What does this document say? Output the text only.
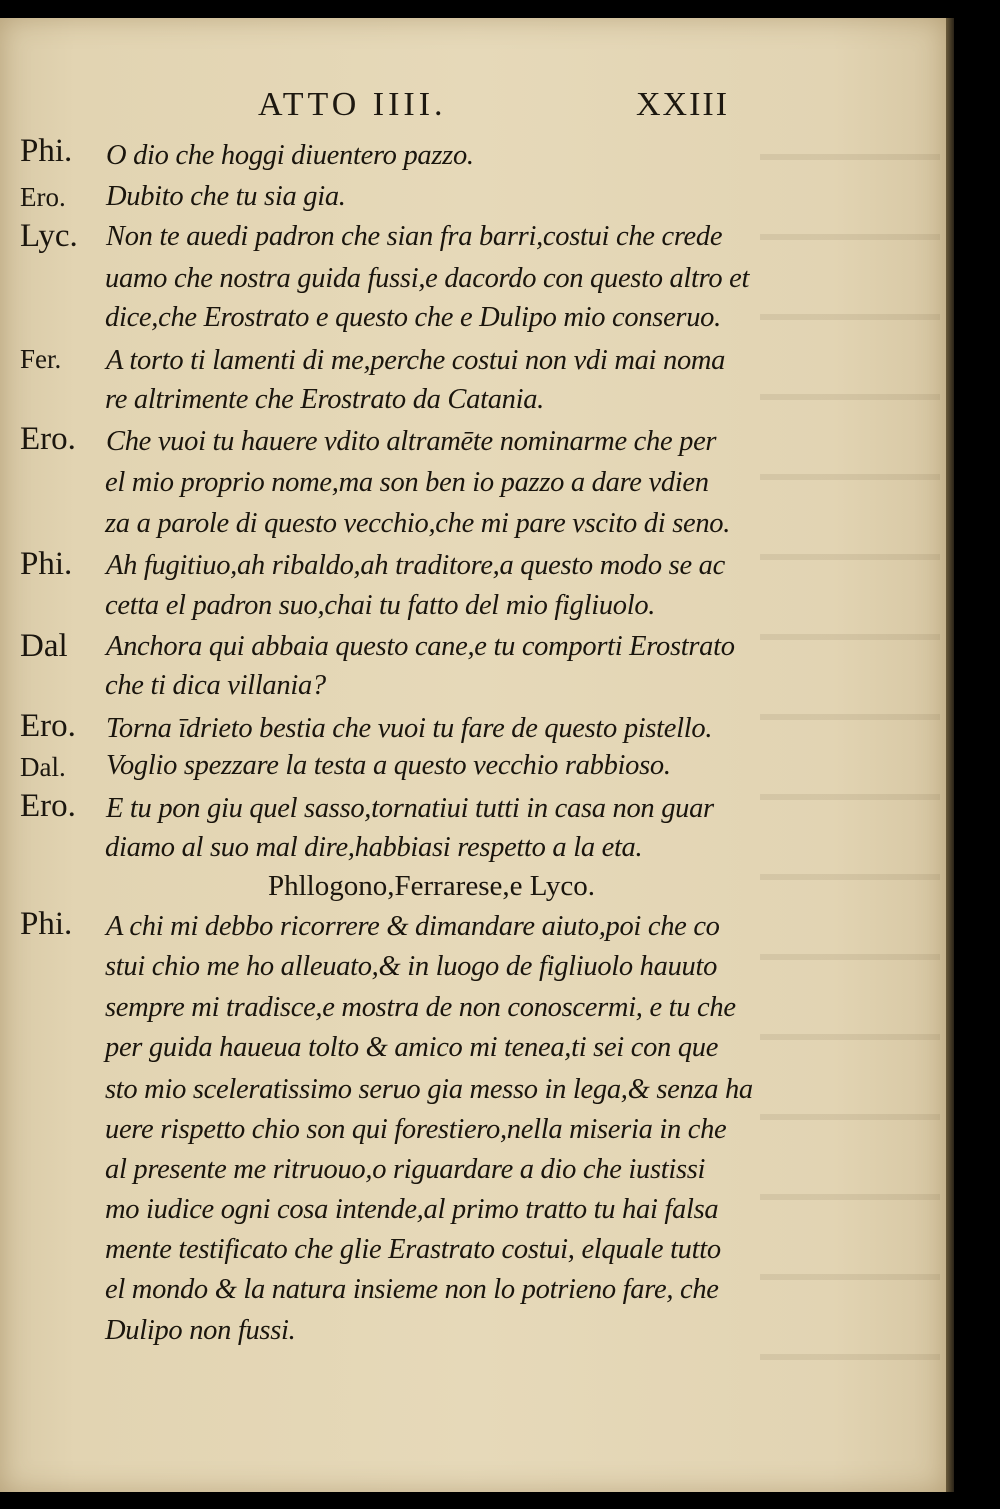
ATTO IIII.	XXIII
Phi. O dio che hoggi diuentero pazzo.
Ero. Dubito che tu sia gia.
Lyc. Non te auedi padron che sian fra barri,costui che crede
uamo che nostra guida fussi,e dacordo con questo altro et
dice,che Erostrato e questo che e Dulipo mio conseruo.
Fer. A torto ti lamenti di me,perche costui non vdi mai noma
re altrimente che Erostrato da Catania.
Ero. Che vuoi tu hauere vdito altramēte nominarme che per
el mio proprio nome,ma son ben io pazzo a dare vdien
za a parole di questo vecchio,che mi pare vscito di seno.
Phi. Ah fugitiuo,ah ribaldo,ah traditore,a questo modo se ac
cetta el padron suo,chai tu fatto del mio figliuolo.
Dal Anchora qui abbaia questo cane,e tu comporti Erostrato
che ti dica villania?
Ero. Torna īdrieto bestia che vuoi tu fare de questo pistello.
Dal. Voglio spezzare la testa a questo vecchio rabbioso.
Ero. E tu pon giu quel sasso,tornatiui tutti in casa non guar
diamo al suo mal dire,habbiasi respetto a la eta.
Phllogono,Ferrarese,e Lyco.
Phi. A chi mi debbo ricorrere & dimandare aiuto,poi che co
stui chio me ho alleuato,& in luogo de figliuolo hauuto
sempre mi tradisce,e mostra de non conoscermi, e tu che
per guida haueua tolto & amico mi tenea,ti sei con que
sto mio sceleratissimo seruo gia messo in lega,& senza ha
uere rispetto chio son qui forestiero,nella miseria in che
al presente me ritruouo,o riguardare a dio che iustissi
mo iudice ogni cosa intende,al primo tratto tu hai falsa
mente testificato che glie Erastrato costui, elquale tutto
el mondo & la natura insieme non lo potrieno fare, che
Dulipo non fussi.
